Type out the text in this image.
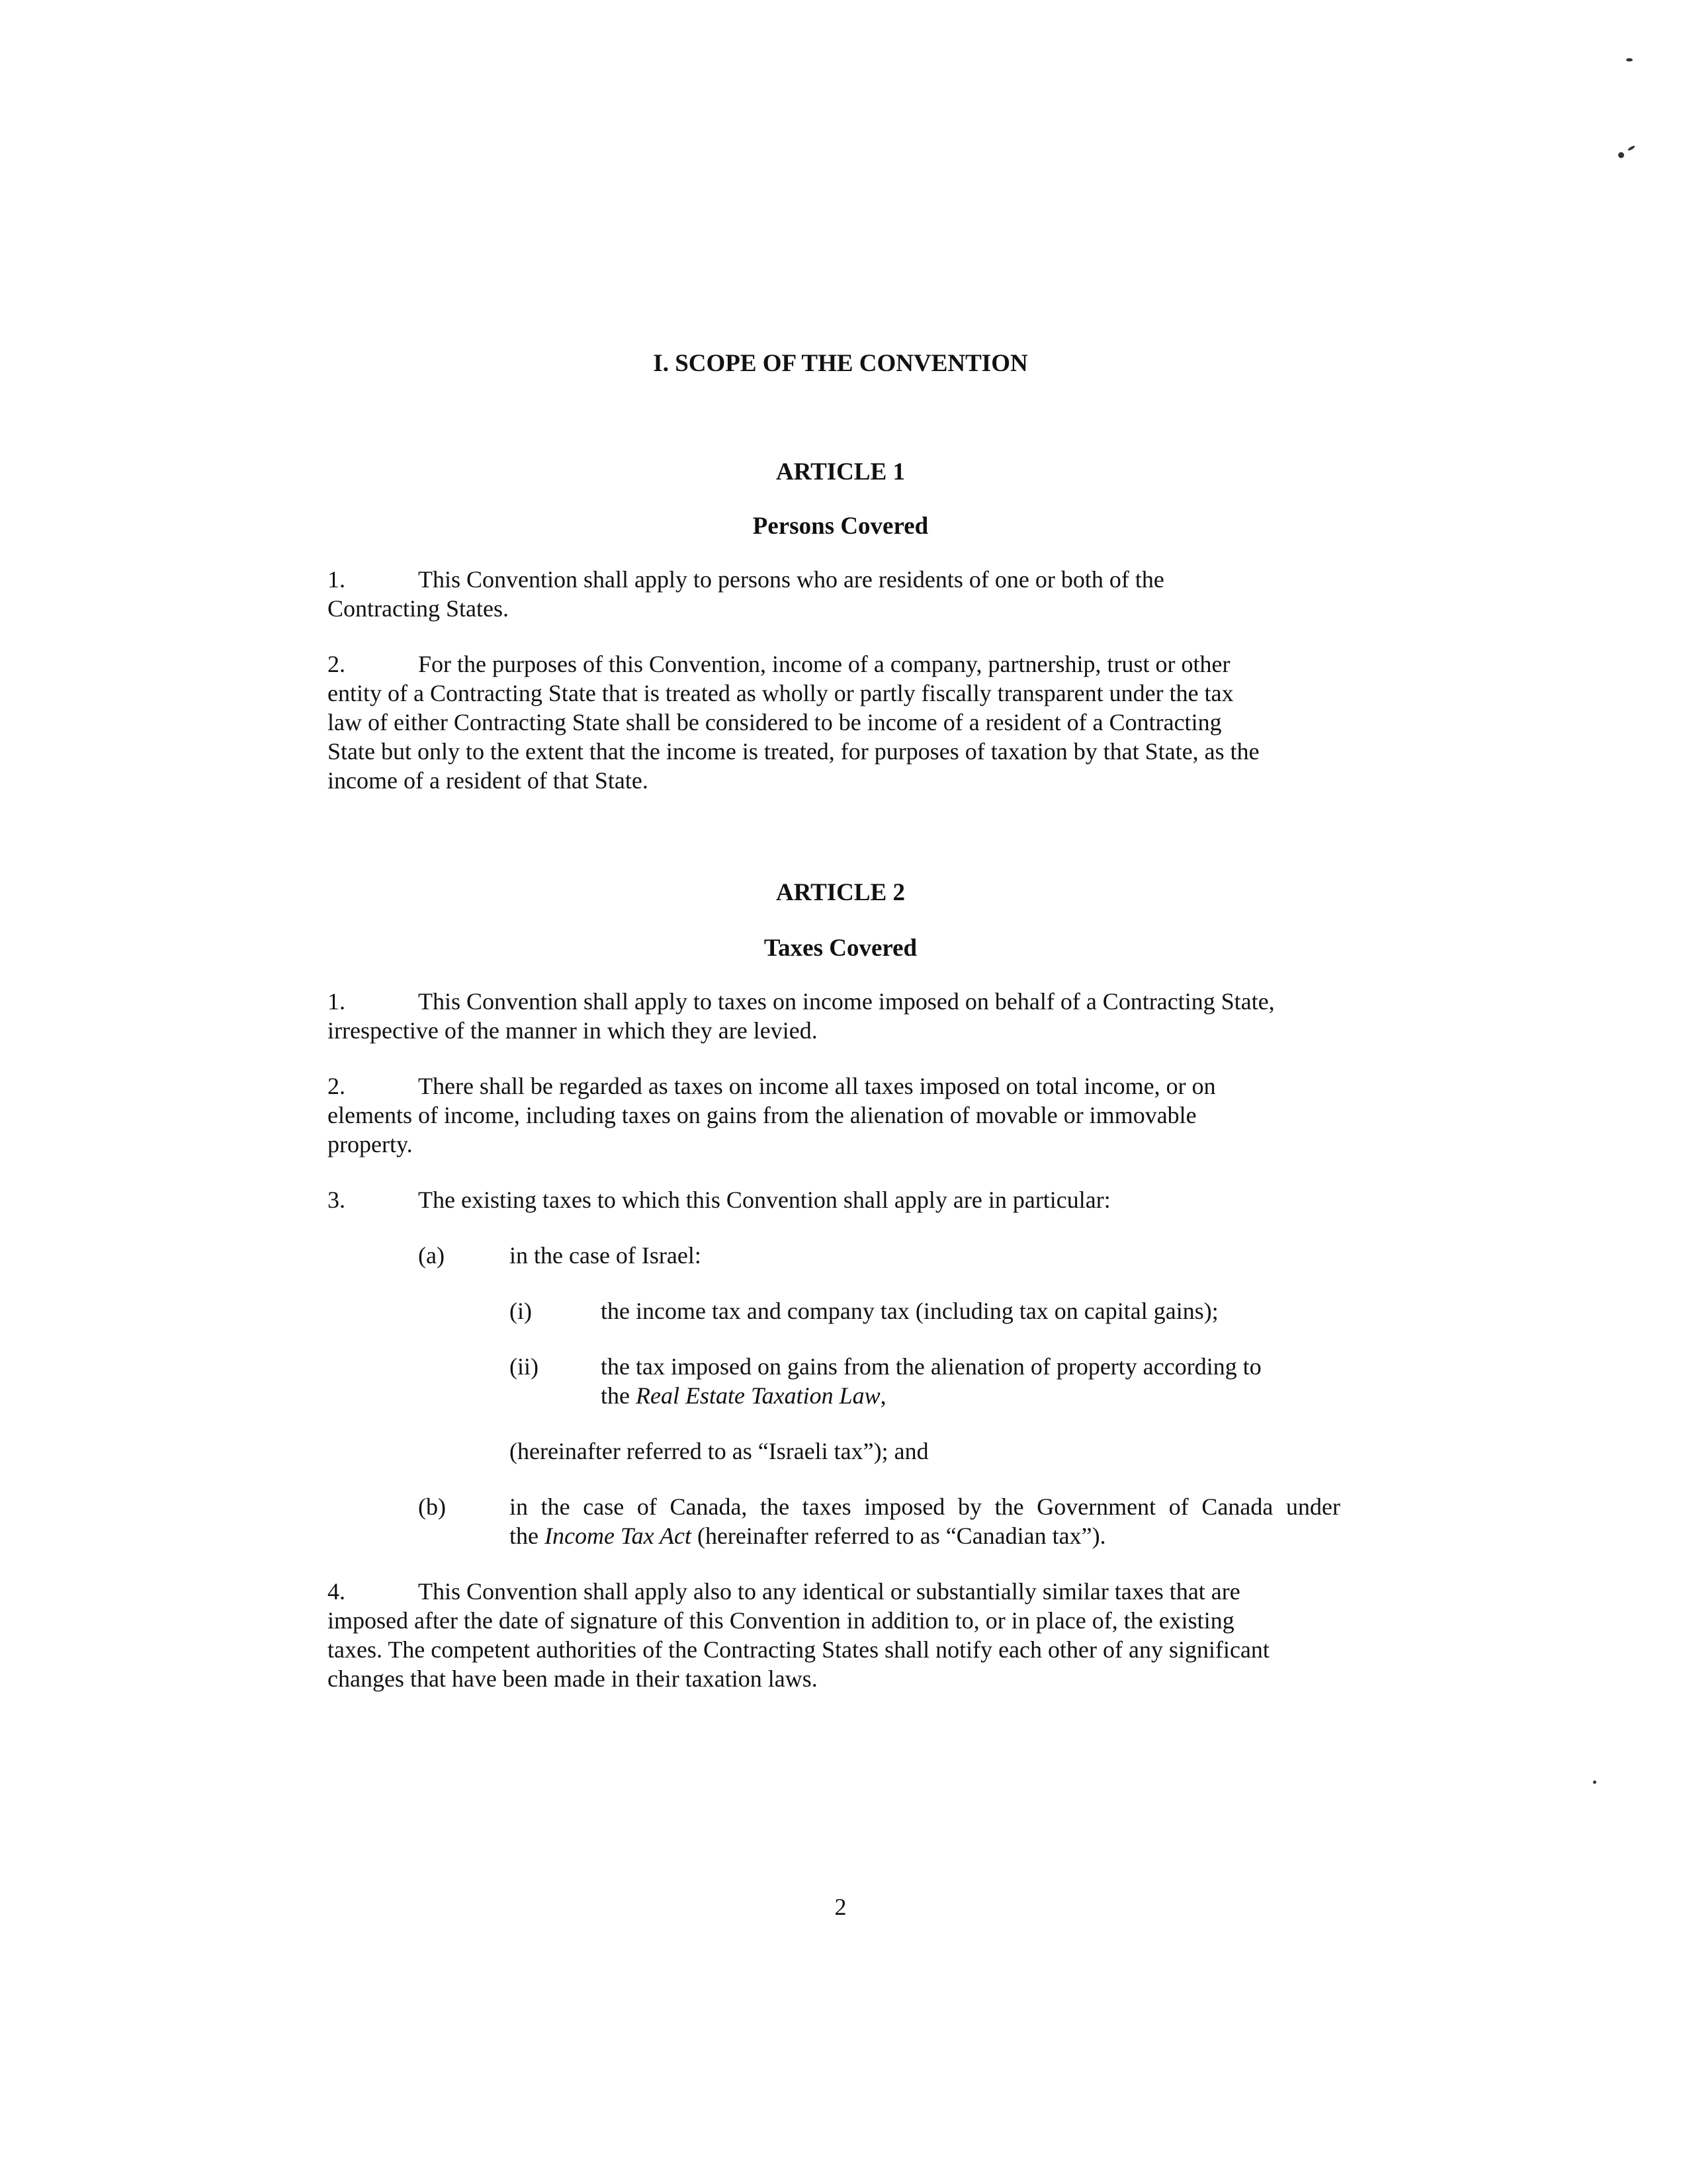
I. SCOPE OF THE CONVENTION
ARTICLE 1
Persons Covered
1.	This Convention shall apply to persons who are residents of one or both of the Contracting States.
2.	For the purposes of this Convention, income of a company, partnership, trust or other
entity of a Contracting State that is treated as wholly or partly fiscally transparent under the tax
law of either Contracting State shall be considered to be income of a resident of a Contracting
State but only to the extent that the income is treated, for purposes of taxation by that State, as the
income of a resident of that State.
ARTICLE 2
Taxes Covered
1.	This Convention shall apply to taxes on income imposed on behalf of a Contracting State,
irrespective of the manner in which they are levied.
2.	There shall be regarded as taxes on income all taxes imposed on total income, or on
elements of income, including taxes on gains from the alienation of movable or immovable
property.
3.	The existing taxes to which this Convention shall apply are in particular:
(a)	in the case of Israel:
(i)	the income tax and company tax (including tax on capital gains);
(ii)	the tax imposed on gains from the alienation of property according to
the Real Estate Taxation Law,
(hereinafter referred to as “Israeli tax”); and
(b)	in the case of Canada, the taxes imposed by the Government of Canada under
the Income Tax Act (hereinafter referred to as “Canadian tax”).
4.	This Convention shall apply also to any identical or substantially similar taxes that are
imposed after the date of signature of this Convention in addition to, or in place of, the existing
taxes. The competent authorities of the Contracting States shall notify each other of any significant
changes that have been made in their taxation laws.
2
